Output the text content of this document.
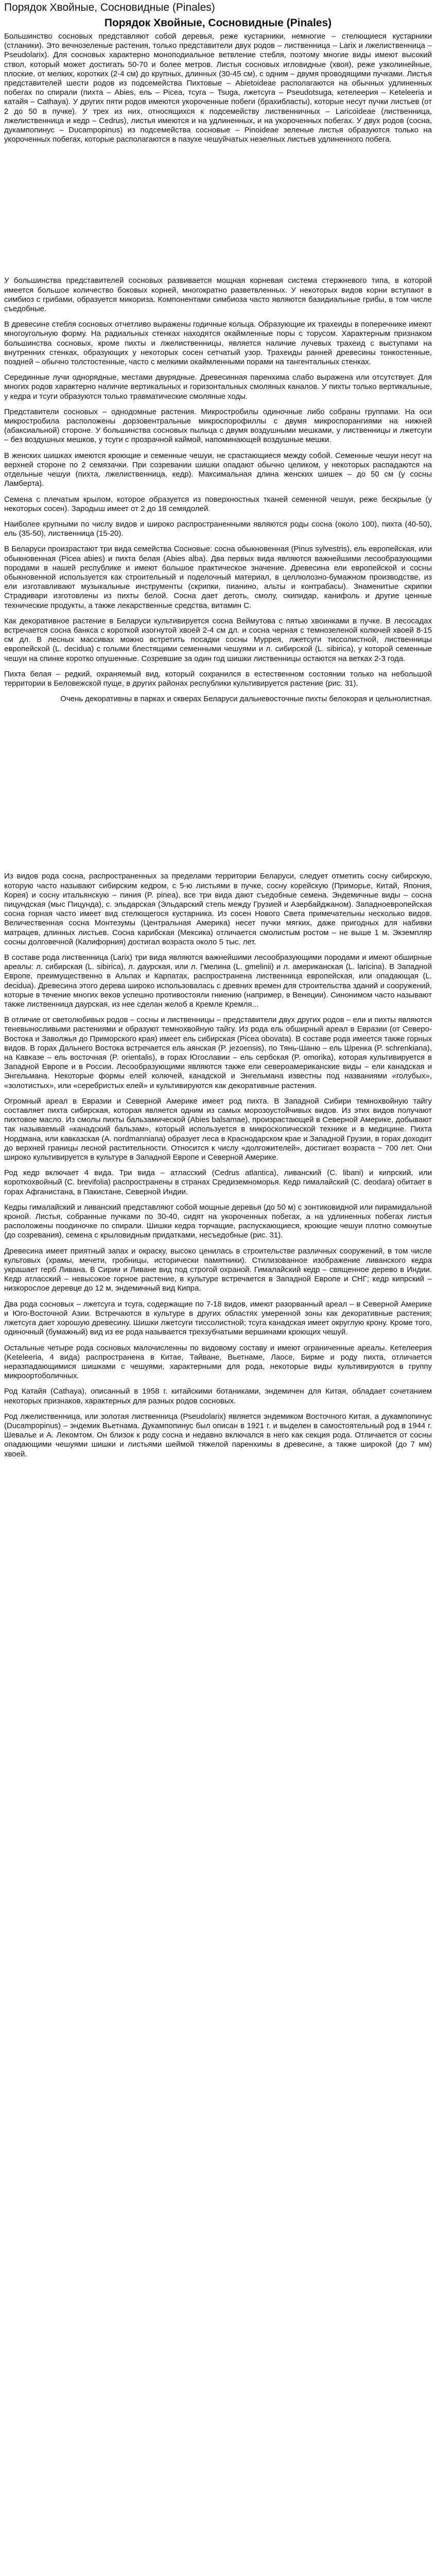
Порядок Хвойные, Сосновидные (Pinales)
Порядок Хвойные, Сосновидные (Pinales)

Большинство сосновых представляют собой деревья, реже кустарники, немногие – стелющиеся кустарники (стланики). Это вечнозеленые растения, только представители двух родов – лиственница – Larix и лжелиственница – Pseudolarix). Для сосновых характерно моноподиальное ветвление стебля, поэтому многие виды имеют высокий ствол, который может достигать 50-70 и более метров. Листья сосновых игловидные (хвоя), реже узколинейные, плоские, от мелких, коротких (2-4 см) до крупных, длинных (30-45 см), с одним – двумя проводящими пучками. Листья представителей шести родов из подсемейства Пихтовые – Abietoideae располагаются на обычных удлиненных побегах по спирали (пихта – Abies, ель – Picea, тсуга – Tsuga, лжетсуга – Pseudotsuga, кетелеерия – Keteleeria и катайя – Cathaya). У других пяти родов имеются укороченные побеги (брахибласты), которые несут пучки листьев (от 2 до 50 в пучке). У трех из них, относящихся к подсемейству лиственничных – Laricoideae (лиственница, лжелиственница и кедр – Cedrus), листья имеются и на удлиненных, и на укороченных побегах. У двух родов (сосна, дукампопинус – Ducampopinus) из подсемейства сосновые – Pinoideae зеленые листья образуются только на укороченных побегах, которые располагаются в пазухе чешуйчатых неэелных листьев удлиненного побега.

У большинства представителей сосновых развивается мощная корневая система стержневого типа, в которой имеется большое количество боковых корней, многократно разветвленных. У некоторых видов корни вступают в симбиоз с грибами, образуется микориза. Компонентами симбиоза часто являются базидиальные грибы, в том числе съедобные.

В древесине стебля сосновых отчетливо выражены годичные кольца. Образующие их трахеиды в поперечнике имеют многоугольную форму. На радиальных стенках находятся окаймленные поры с торусом. Характерным признаком большинства сосновых, кроме пихты и лжелиственницы, является наличие лучевых трахеид с выступами на внутренних стенках, образующих у некоторых сосен сетчатый узор. Трахеиды ранней древесины тонкостенные, поздней – обычно толстостенные, часто с мелкими окаймленными порами на тангентальных стенках.

Серединные лучи однорядные, местами двурядные. Древесинная паренхима слабо выражена или отсутствует. Для многих родов характерно наличие вертикальных и горизонтальных смоляных каналов. У пихты только вертикальные, у кедра и тсуги образуются только травматические смоляные ходы.

Представители сосновых – однодомные растения. Микростробилы одиночные либо собраны группами. На оси микростробила расположены дорзовентральные микроспорофиллы с двумя микроспорангиями на нижней (абаксиальной) стороне. У большинства сосновых пыльца с двумя воздушными мешками, у лиственницы и лжетсуги – без воздушных мешков, у тсуги с прозрачной каймой, напоминающей воздушные мешки.

В женских шишках имеются кроющие и семенные чешуи, не срастающиеся между собой. Семенные чешуи несут на верхней стороне по 2 семязачки. При созревании шишки опадают обычно целиком, у некоторых распадаются на отдельные чешуи (пихта, лжелиственница, кедр). Максимальная длина женских шишек – до 50 см (у сосны Ламберта).

Семена с плечатым крылом, которое образуется из поверхностных тканей семенной чешуи, реже бескрылые (у некоторых сосен). Зародыш имеет от 2 до 18 семядолей.

Наиболее крупными по числу видов и широко распространенными являются роды сосна (около 100), пихта (40-50), ель (35-50), лиственница (15-20).

В Беларуси произрастают три вида семейства Сосновые: сосна обыкновенная (Pinus sylvestris), ель европейская, или обыкновенная (Picea abies) и пихта белая (Abies alba). Два первых вида являются важнейшими лесообразующими породами в нашей республике и имеют большое практическое значение. Древесина ели европейской и сосны обыкновенной используется как строительный и поделочный материал, в целлюлозно-бумажном производстве, из ели изготавливают музыкальные инструменты (скрипки, пианино, альты и контрабасы). Знаменитые скрипки Страдивари изготовлены из пихты белой. Сосна дает деготь, смолу, скипидар, канифоль и другие ценные технические продукты, а также лекарственные средства, витамин С.

Как декоративное растение в Беларуси культивируется сосна Веймутова с пятью хвоинками в пучке. В лесосадах встречается сосна банкса с короткой изогнутой хвоей 2-4 см дл. и сосна черная с темнозеленой колючей хвоей 8-15 см дл. В лесных массивах можно встретить посадки сосны Муррея, лжетсуги тиссолистной, лиственницы европейской (L. decidua) с голыми блестящими семенными чешуями и л. сибирской (L. sibirica), у которой семенные чешуи на спинке коротко опушенные. Созревшие за один год шишки лиственницы остаются на ветках 2-3 года.

Пихта белая – редкий, охраняемый вид, который сохранился в естественном состоянии только на небольшой территории в Беловежской пуще, в других районах республики культивируется растение (рис. 31).

Очень декоративны в парках и скверах Беларуси дальневосточные пихты белокорая и цельнолистная.

Из видов рода сосна, распространенных за пределами территории Беларуси, следует отметить сосну сибирскую, которую часто называют сибирским кедром, с 5-ю листьями в пучке, сосну корейскую (Приморье, Китай, Япония, Корея) и сосну итальянскую – пиния (P. pinea), все три вида дают съедобные семена. Эндемичные виды – сосна пицундская (мыс Пицунда), с. эльдарская (Эльдарский степь между Грузией и Азербайджаном). Западноевропейская сосна горная часто имеет вид стелющегося кустарника. Из сосен Нового Света примечательны несколько видов. Величественная сосна Монтезумы (Центральная Америка) несет пучки мягких, даже пригодных для набивки матрацев, длинных листьев. Сосна карибская (Мексика) отличается смолистым ростом – не выше 1 м. Экземпляр сосны долговечной (Калифорния) достигал возраста около 5 тыс. лет.

В составе рода лиственница (Larix) три вида являются важнейшими лесообразующими породами и имеют обширные ареалы: л. сибирская (L. sibirica), л. даурская, или л. Гмелина (L. gmelinii) и л. американская (L. laricina). В Западной Европе, преимущественно в Альпах и Карпатах, распространена лиственница европейская, или опадающая (L. decidua). Древесина этого дерева широко использовалась с древних времен для строительства зданий и сооружений, которые в течение многих веков успешно противостояли гниению (например, в Венеции). Синонимом часто называют также лиственница даурская, из нее сделан желоб в Кремле Кремля...

В отличие от светолюбивых родов – сосны и лиственницы – представители двух других родов – ели и пихты являются теневыносливыми растениями и образуют темнохвойную тайгу. Из рода ель обширный ареал в Евразии (от Северо-Востока и Заволжья до Приморского края) имеет ель сибирская (Picea obovata). В составе рода имеется также горных видов. В горах Дальнего Востока встречается ель аянская (P. jezoensis), по Тянь-Шаню – ель Шренка (P. schrenkiana), на Кавказе – ель восточная (P. orientalis), в горах Югославии – ель сербская (P. omorika), которая культивируется в Западной Европе и в России. Лесообразующими являются также ели североамериканские виды – ели канадская и Энгельмана. Некоторые формы елей колючей, канадской и Энгельмана известны под названиями «голубых», «золотистых», или «серебристых елей» и культивируются как декоративные растения.

Огромный ареал в Евразии и Северной Америке имеет род пихта. В Западной Сибири темнохвойную тайгу составляет пихта сибирская, которая является одним из самых морозоустойчивых видов. Из этих видов получают пихтовое масло. Из смолы пихты бальзамической (Abies balsamae), произрастающей в Северной Америке, добывают так называемый «канадский бальзам», который используется в микроскопической технике и в медицине. Пихта Нордмана, или кавказская (A. nordmanniana) образует леса в Краснодарском крае и Западной Грузии, в горах доходит до верхней границы лесной растительности. Относится к числу «долгожителей», достигает возраста ~ 700 лет. Они широко культивируется в культуре в Западной Европе и Северной Америке.

Род кедр включает 4 вида. Три вида – атласский (Cedrus atlantica), ливанский (C. libani) и кипрский, или короткохвойный (C. brevifolia) распространены в странах Средиземноморья. Кедр гималайский (C. deodara) обитает в горах Афганистана, в Пакистане, Северной Индии.

Кедры гималайский и ливанский представляют собой мощные деревья (до 50 м) с зонтиковидной или пирамидальной кроной. Листья, собранные пучками по 30-40, сидят на укороченных побегах, а на удлиненных побегах листья расположены поодиночке по спирали. Шишки кедра торчащие, распускающиеся, кроющие чешуи плотно сомкнутые (до созревания), семена с крыловидным придатками, несъедобные (рис. 31).

Древесина имеет приятный запах и окраску, высоко ценилась в строительстве различных сооружений, в том числе культовых (храмы, мечети, гробницы, исторически памятники). Стилизованное изображение ливанского кедра украшает герб Ливана. В Сирии и Ливане вид под строгой охраной. Гималайский кедр – священное дерево в Индии. Кедр атласский – невысокое горное растение, в культуре встречается в Западной Европе и СНГ; кедр кипрский – низкорослое деревце до 12 м, эндемичный вид Кипра.

Два рода сосновых – лжетсуга и тсуга, содержащие по 7-18 видов, имеют разорванный ареал – в Северной Америке и Юго-Восточной Азии. Встречаются в культуре в других областях умеренной зоны как декоративные растения; лжетсугa дает хорошую древесину. Шишки лжетсуги тиссолистной; тсуга канадская имеет округлую крону. Кроме того, одиночный (бумажный) вид из ее рода называется трехзубчатыми вершинами кроющих чешуй.

Остальные четыре рода сосновых малочисленны по видовому составу и имеют ограниченные ареалы. Кетелеерия (Keteleeria, 4 вида) распространена в Китае, Тайване, Вьетнаме, Лаосе, Бирме и роду пихта, отличается неразпадающимися шишками с чешуями, характерными для рода, некоторые виды культивируются в группу микроортоболичных.

Род Катайя (Cathaya), описанный в 1958 г. китайскими ботаниками, эндемичен для Китая, обладает сочетанием некоторых признаков, характерных для разных родов сосновых.

Род лжелиственница, или золотая лиственница (Pseudolarix) является эндемиком Восточного Китая, а дукампопинус (Ducampopinus) – эндемик Вьетнама. Дукампопинус был описан в 1921 г. и выделен в самостоятельный род в 1944 г. Шевалье и А. Лекомтом. Он близок к роду сосна и недавно включался в него как секция рода. Отличается от сосны опадающими чешуями шишки и листьями шеймой тяжелой паренхимы в древесине, а также широкой (до 7 мм) хвоей.
